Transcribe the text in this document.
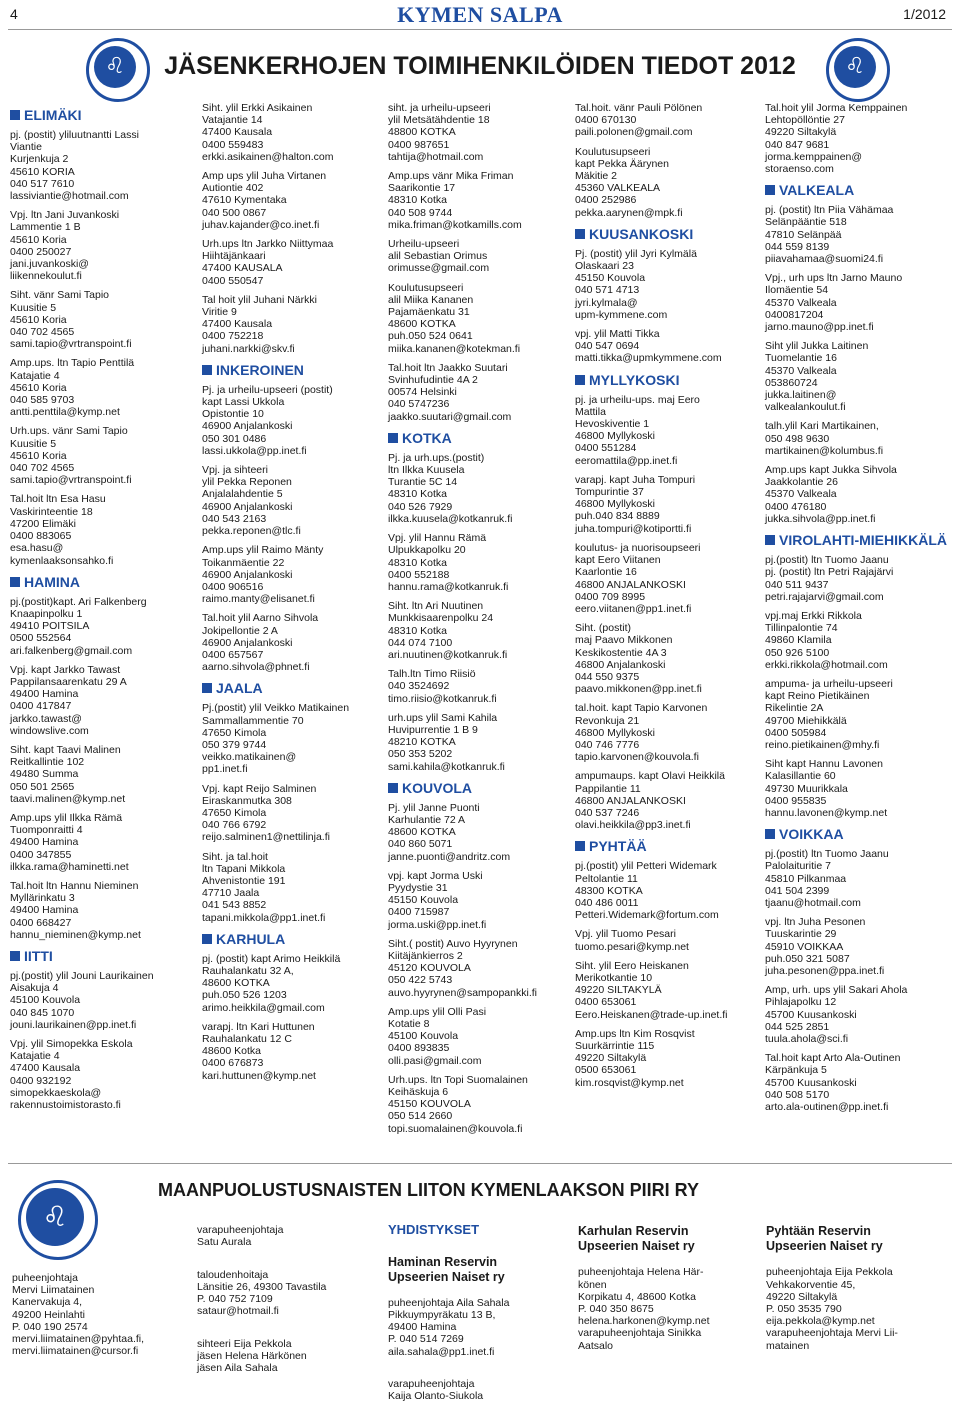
4	KYMEN SALPA	1/2012
♌	JÄSENKERHOJEN TOIMIHENKILÖIDEN TIEDOT 2012	♌
ELIMÄKI

pj. (postit) yliluutnantti Lassi
Viantie
Kurjenkuja 2
45610 KORIA
040 517 7610
lassiviantie@hotmail.com

Vpj. ltn Jani Juvankoski
Lammentie 1 B
45610 Koria
0400 250027
jani.juvankoski@
liikennekoulut.fi

Siht. vänr Sami Tapio
Kuusitie 5
45610 Koria
040 702 4565
sami.tapio@vrtranspoint.fi

Amp.ups. ltn Tapio Penttilä
Katajatie 4
45610 Koria
040 585 9703
antti.penttila@kymp.net

Urh.ups. vänr Sami Tapio
Kuusitie 5
45610 Koria
040 702 4565
sami.tapio@vrtranspoint.fi

Tal.hoit ltn Esa Hasu
Vaskirinteentie 18
47200 Elimäki
0400 883065
esa.hasu@
kymenlaaksonsahko.fi

HAMINA

pj.(postit)kapt. Ari Falkenberg
Knaapinpolku 1
49410 POITSILA
0500 552564
ari.falkenberg@gmail.com

Vpj. kapt Jarkko Tawast
Pappilansaarenkatu 29 A
49400 Hamina
0400 417847
jarkko.tawast@
windowslive.com

Siht. kapt Taavi Malinen
Reitkallintie 102
49480 Summa
050 501 2565
taavi.malinen@kymp.net

Amp.ups ylil Ilkka Rämä
Tuomponraitti 4
49400 Hamina
0400 347855
ilkka.rama@haminetti.net

Tal.hoit ltn Hannu Nieminen
Myllärinkatu 3
49400 Hamina
0400 668427
hannu_nieminen@kymp.net

IITTI

pj.(postit) ylil Jouni Laurikainen
Aisakuja 4
45100 Kouvola
040 845 1070
jouni.laurikainen@pp.inet.fi

Vpj. ylil Simopekka Eskola
Katajatie 4
47400 Kausala
0400 932192
simopekkaeskola@
rakennustoimistorasto.fi

Siht. ylil Erkki Asikainen
Vatajantie 14
47400 Kausala
0400 559483
erkki.asikainen@halton.com

Amp ups ylil Juha Virtanen
Autiontie 402
47610 Kymentaka
040 500 0867
juhav.kajander@co.inet.fi

Urh.ups ltn Jarkko Niittymaa
Hiihtäjänkaari
47400 KAUSALA
0400 550547

Tal hoit ylil Juhani Närkki
Viritie 9
47400 Kausala
0400 752218
juhani.narkki@skv.fi

INKEROINEN

Pj. ja urheilu-upseeri (postit)
kapt Lassi Ukkola
Opistontie 10
46900 Anjalankoski
050 301 0486
lassi.ukkola@pp.inet.fi

Vpj. ja sihteeri
ylil Pekka Reponen
Anjalalahdentie 5
46900 Anjalankoski
040 543 2163
pekka.reponen@tlc.fi

Amp.ups ylil Raimo Mänty
Toikanmäentie 22
46900 Anjalankoski
0400 906516
raimo.manty@elisanet.fi

Tal.hoit ylil Aarno Sihvola
Jokipellontie 2 A
46900 Anjalankoski
0400 657567
aarno.sihvola@phnet.fi

JAALA

Pj.(postit) ylil Veikko Matikainen
Sammallammentie 70
47650 Kimola
050 379 9744
veikko.matikainen@
pp1.inet.fi

Vpj. kapt Reijo Salminen
Eiraskanmutka 308
47650 Kimola
040 766 6792
reijo.salminen1@nettilinja.fi

Siht. ja tal.hoit
ltn Tapani Mikkola
Ahvenistontie 191
47710 Jaala
041 543 8852
tapani.mikkola@pp1.inet.fi

KARHULA

pj. (postit) kapt Arimo Heikkilä
Rauhalankatu 32 A,
48600 KOTKA
puh.050 526 1203
arimo.heikkila@gmail.com

varapj. ltn Kari Huttunen
Rauhalankatu 12 C
48600 Kotka
0400 676873
kari.huttunen@kymp.net

siht. ja urheilu-upseeri
ylil Metsätähdentie 18
48800 KOTKA
0400 987651
tahtija@hotmail.com

Amp.ups vänr Mika Friman
Saarikontie 17
48310 Kotka
040 508 9744
mika.friman@kotkamills.com

Urheilu-upseeri
alil Sebastian Orimus
orimusse@gmail.com

Koulutusupseeri
alil Miika Kananen
Pajamäenkatu 31
48600 KOTKA
puh.050 524 0641
miika.kananen@kotekman.fi

Tal.hoit ltn Jaakko Suutari
Svinhufudintie 4A 2
00574 Helsinki
040 5747236
jaakko.suutari@gmail.com

KOTKA

Pj. ja urh.ups.(postit)
ltn Ilkka Kuusela
Turantie 5C 14
48310 Kotka
040 526 7929
ilkka.kuusela@kotkanruk.fi

Vpj. ylil Hannu Rämä
Ulpukkapolku 20
48310 Kotka
0400 552188
hannu.rama@kotkanruk.fi

Siht. ltn Ari Nuutinen
Munkkisaarenpolku 24
48310 Kotka
044 074 7100
ari.nuutinen@kotkanruk.fi

Talh.ltn Timo Riisiö
040 3524692
timo.riisio@kotkanruk.fi

urh.ups ylil Sami Kahila
Huvipurrentie 1 B 9
48210 KOTKA
050 353 5202
sami.kahila@kotkanruk.fi

KOUVOLA

Pj. ylil Janne Puonti
Karhulantie 72 A
48600 KOTKA
040 860 5071
janne.puonti@andritz.com

vpj. kapt Jorma Uski
Pyydystie 31
45150 Kouvola
0400 715987
jorma.uski@pp.inet.fi

Siht.( postit) Auvo Hyyrynen
Kiitäjänkierros 2
45120 KOUVOLA
050 422 5743
auvo.hyyrynen@sampopankki.fi

Amp.ups ylil Olli Pasi
Kotatie 8
45100 Kouvola
0400 893835
olli.pasi@gmail.com

Urh.ups. ltn Topi Suomalainen
Keihäskuja 6
45150 KOUVOLA
050 514 2660
topi.suomalainen@kouvola.fi

Tal.hoit. vänr Pauli Pölönen
0400 670130
paili.polonen@gmail.com

Koulutusupseeri
kapt Pekka Äärynen
Mäkitie 2
45360 VALKEALA
0400 252986
pekka.aarynen@mpk.fi

KUUSANKOSKI

Pj. (postit) ylil Jyri Kylmälä
Olaskaari 23
45150 Kouvola
040 571 4713
jyri.kylmala@
upm-kymmene.com

vpj. ylil Matti Tikka
040 547 0694
matti.tikka@upmkymmene.com

MYLLYKOSKI

pj. ja urheilu-ups. maj Eero
Mattila
Hevoskiventie 1
46800 Myllykoski
0400 551284
eeromattila@pp.inet.fi

varapj. kapt Juha Tompuri
Tompurintie 37
46800 Myllykoski
puh.040 834 8889
juha.tompuri@kotiportti.fi

koulutus- ja nuorisoupseeri
kapt Eero Viitanen
Kaarlontie 16
46800 ANJALANKOSKI
0400 709 8995
eero.viitanen@pp1.inet.fi

Siht. (postit)
maj Paavo Mikkonen
Keskikostentie 4A 3
46800 Anjalankoski
044 550 9375
paavo.mikkonen@pp.inet.fi

tal.hoit. kapt Tapio Karvonen
Revonkuja 21
46800 Myllykoski
040 746 7776
tapio.karvonen@kouvola.fi

ampumaups. kapt Olavi Heikkilä
Pappilantie 11
46800 ANJALANKOSKI
040 537 7246
olavi.heikkila@pp3.inet.fi

PYHTÄÄ

pj.(postit) ylil Petteri Widemark
Peltolantie 11
48300 KOTKA
040 486 0011
Petteri.Widemark@fortum.com

Vpj. ylil Tuomo Pesari
tuomo.pesari@kymp.net

Siht. ylil Eero Heiskanen
Merikotkantie 10
49220 SILTAKYLÄ
0400 653061
Eero.Heiskanen@trade-up.inet.fi

Amp.ups ltn Kim Rosqvist
Suurkärrintie 115
49220 Siltakylä
0500 653061
kim.rosqvist@kymp.net

Tal.hoit ylil Jorma Kemppainen
Lehtopöllöntie 27
49220 Siltakylä
040 847 9681
jorma.kemppainen@
storaenso.com

VALKEALA

pj. (postit) ltn Piia Vähämaa
Selänpääntie 518
47810 Selänpää
044 559 8139
piiavahamaa@suomi24.fi

Vpj., urh ups ltn Jarno Mauno
Ilomäentie 54
45370 Valkeala
0400817204
jarno.mauno@pp.inet.fi

Siht ylil Jukka Laitinen
Tuomelantie 16
45370 Valkeala
053860724
jukka.laitinen@
valkealankoulut.fi

talh.ylil Kari Martikainen,
050 498 9630
martikainen@kolumbus.fi

Amp.ups kapt Jukka Sihvola
Jaakkolantie 26
45370 Valkeala
0400 476180
jukka.sihvola@pp.inet.fi

VIROLAHTI-MIEHIKKÄLÄ

pj.(postit) ltn Tuomo Jaanu
pj. (postit) ltn Petri Rajajärvi
040 511 9437
petri.rajajarvi@gmail.com

vpj.maj Erkki Rikkola
Tillinpalontie 74
49860 Klamila
050 926 5100
erkki.rikkola@hotmail.com

ampuma- ja urheilu-upseeri
kapt Reino Pietikäinen
Rikelintie 2A
49700 Miehikkälä
0400 505984
reino.pietikainen@mhy.fi

Siht kapt Hannu Lavonen
Kalasillantie 60
49730 Muurikkala
0400 955835
hannu.lavonen@kymp.net

VOIKKAA

pj.(postit) ltn Tuomo Jaanu
Palolaituritie 7
45810 Pilkanmaa
041 504 2399
tjaanu@hotmail.com

vpj. ltn Juha Pesonen
Tuuskarintie 29
45910 VOIKKAA
puh.050 321 5087
juha.pesonen@ppa.inet.fi

Amp, urh. ups ylil Sakari Ahola
Pihlajapolku 12
45700 Kuusankoski
044 525 2851
tuula.ahola@sci.fi

Tal.hoit kapt Arto Ala-Outinen
Kärpänkuja 5
45700 Kuusankoski
040 508 5170
arto.ala-outinen@pp.inet.fi

♌
MAANPUOLUSTUSNAISTEN LIITON KYMENLAAKSON PIIRI RY
puheenjohtaja
Mervi Liimatainen
Kanervakuja 4,
49200 Heinlahti
P. 040 190 2574
mervi.liimatainen@pyhtaa.fi,
mervi.liimatainen@cursor.fi

varapuheenjohtaja
Satu Aurala

taloudenhoitaja
Länsitie 26, 49300 Tavastila
P. 040 752 7109
sataur@hotmail.fi

sihteeri Eija Pekkola
jäsen Helena Härkönen
jäsen Aila Sahala

YHDISTYKSET

Haminan Reservin
Upseerien Naiset ry

puheenjohtaja Aila Sahala
Pikkuympyräkatu 13 B,
49400 Hamina
P. 040 514 7269
aila.sahala@pp1.inet.fi

varapuheenjohtaja
Kaija Olanto-Siukola

Karhulan Reservin
Upseerien Naiset ry

puheenjohtaja Helena Här-
könen
Korpikatu 4, 48600 Kotka
P. 040 350 8675
helena.harkonen@kymp.net
varapuheenjohtaja Sinikka
Aatsalo

Pyhtään Reservin
Upseerien Naiset ry

puheenjohtaja Eija Pekkola
Vehkakorventie 45,
49220 Siltakylä
P. 050 3535 790
eija.pekkola@kymp.net
varapuheenjohtaja Mervi Lii-
matainen
